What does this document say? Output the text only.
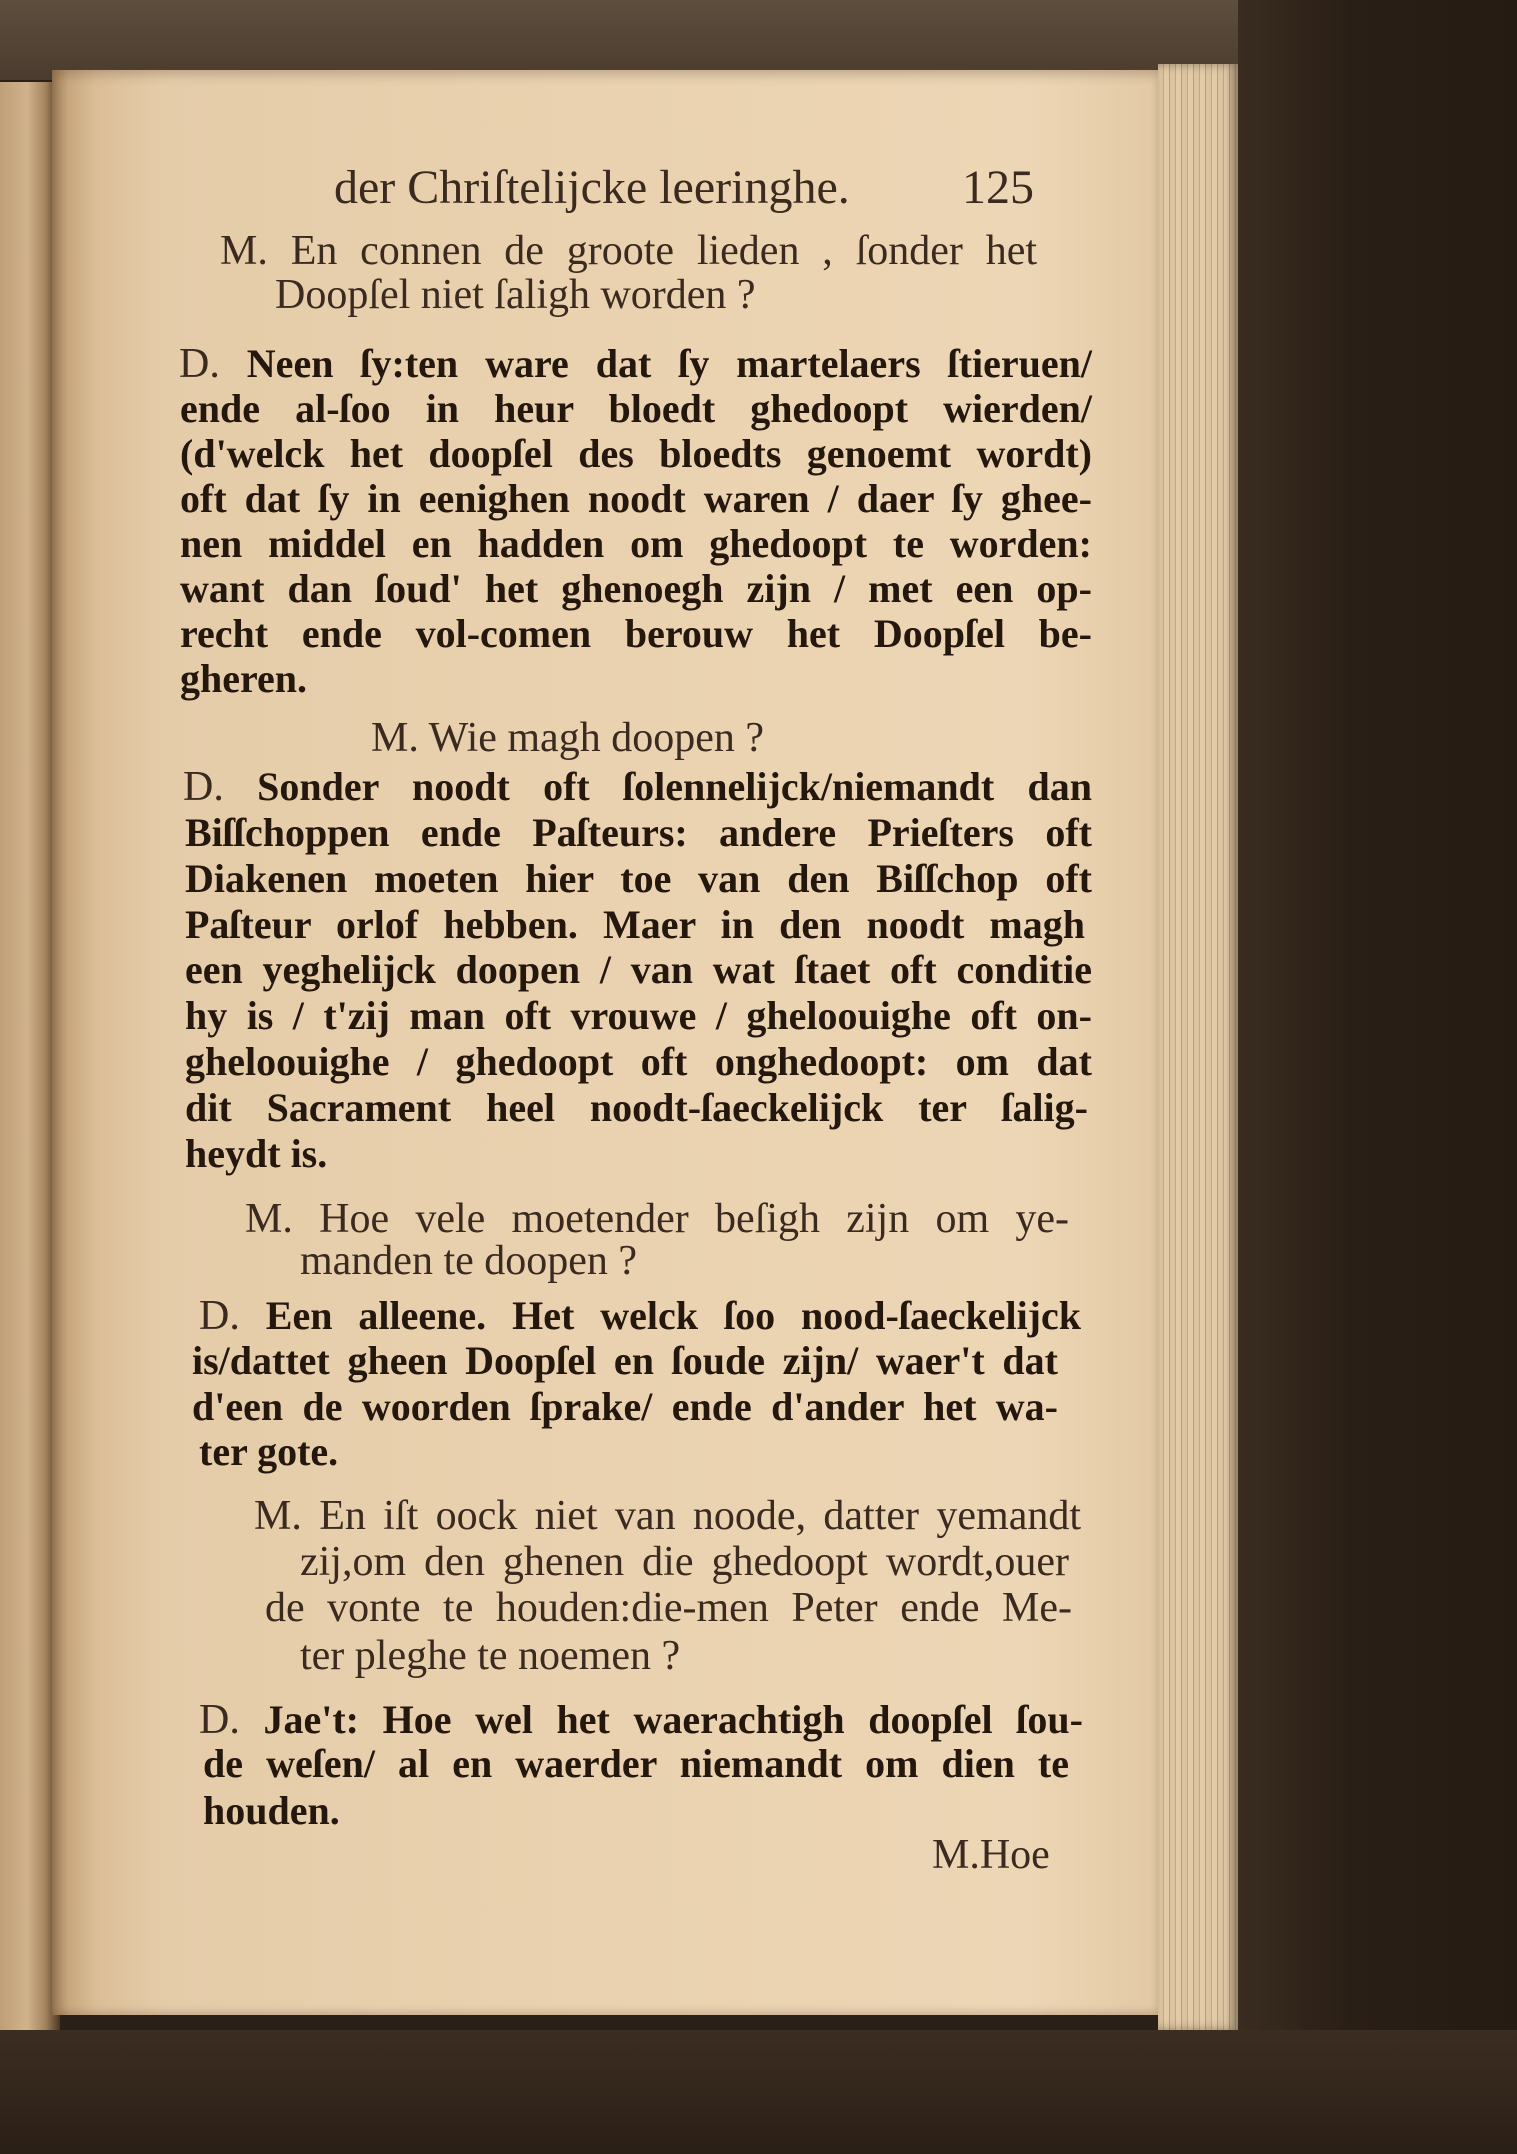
der Chriſtelijcke leeringhe. 125
M. En connen de groote lieden , ſonder het
Doopſel niet ſaligh worden ?
D. Neen ſy:ten ware dat ſy martelaers ſtieruen/
ende al-ſoo in heur bloedt ghedoopt wierden/
(d'welck het doopſel des bloedts genoemt wordt)
oft dat ſy in eenighen noodt waren / daer ſy ghee-
nen middel en hadden om ghedoopt te worden:
want dan ſoud' het ghenoegh zijn / met een op-
recht ende vol-comen berouw het Doopſel be-
gheren.
M. Wie magh doopen ?
D. Sonder noodt oft ſolennelijck/niemandt dan
Biſſchoppen ende Paſteurs: andere Prieſters oft
Diakenen moeten hier toe van den Biſſchop oft
Paſteur orlof hebben. Maer in den noodt magh
een yeghelijck doopen / van wat ſtaet oft conditie
hy is / t'zij man oft vrouwe / gheloouighe oft on-
gheloouighe / ghedoopt oft onghedoopt: om dat
dit Sacrament heel noodt-ſaeckelijck ter ſalig-
heydt is.
M. Hoe vele moetender beſigh zijn om ye-
manden te doopen ?
D. Een alleene. Het welck ſoo nood-ſaeckelijck
is/dattet gheen Doopſel en ſoude zijn/ waer't dat
d'een de woorden ſprake/ ende d'ander het wa-
ter gote.
M. En iſt oock niet van noode, datter yemandt
zij,om den ghenen die ghedoopt wordt,ouer
de vonte te houden:die-men Peter ende Me-
ter pleghe te noemen ?
D. Jae't: Hoe wel het waerachtigh doopſel ſou-
de weſen/ al en waerder niemandt om dien te
houden.
M.Hoe
